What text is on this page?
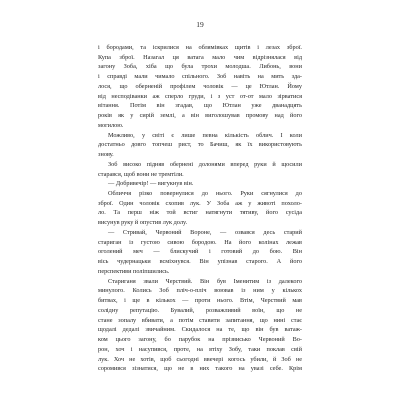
19
і бородами, та іскрилися на облямівках щитів і лезах зброї.
Купа зброї. Назагал ця ватага мало чим відрізнялася від
загону Зоба, хіба що була трохи молодша. Либонь, вони
і справді мали чимало спільного. Зоб навіть на мить зда-
лося, що оберненій профілем чоловік — це Ютлан. Йому
від несподіванки аж сперло груди, і з уст от-от мало зірватися
вітання. Потім він згадав, що Ютлан уже дванадцять
років як у сирій землі, а він виголошував промову над його
могилою.
Можливо, у світі є лише певна кількість облич. І коли
достатньо довго топчеш рист, то Бачиш, як їх використовують
знову.
Зоб високо підняв обернені долонями вперед руки й щосили
старався, щоб вони не тремтіли.
— Добривечір! — вигукнув він.
Обличчя різко повернулися до нього. Руки сягнулися до
зброї. Один чоловік схопив лук. У Зоба аж у животі похоло-
ло. Та перш ніж той встиг натягнути тятиву, його сусіда
висунув руку й опустив лук долу.
— Стривай, Червоний Вороне, — озвався десь старий
стариган із густою сивою бородою. На його колінах лежав
оголений меч — блискучий і готовий до бою. Він
вісь чудернацьки всміхнувся. Він упізнав старого. А його
перспективи поліпшились.
Стариганя звали Черствий. Він був Іменитим із далекого
минулого. Колись Зоб пліч-о-пліч воював із ним у кількох
битвах, і ще в кількох — проти нього. Втім, Черствий мав
солідну репутацію. Бувалий, розважливий воїн, що не
стане зопалу вбивати, а потім ставити запитання, що нині стає
щодалі дедалі звичайним. Скидалося на те, що він був ватаж-
ком цього загону, бо парубок на прізвисько Червоний Во-
рон, хоч і насупився, проте, на втіху Зобу, таки поклав свій
лук. Хоч не хотів, щоб сьогодні ввечері когось убили, й Зоб не
соромився зізнатися, що не в них такого на увазі себе. Крім
